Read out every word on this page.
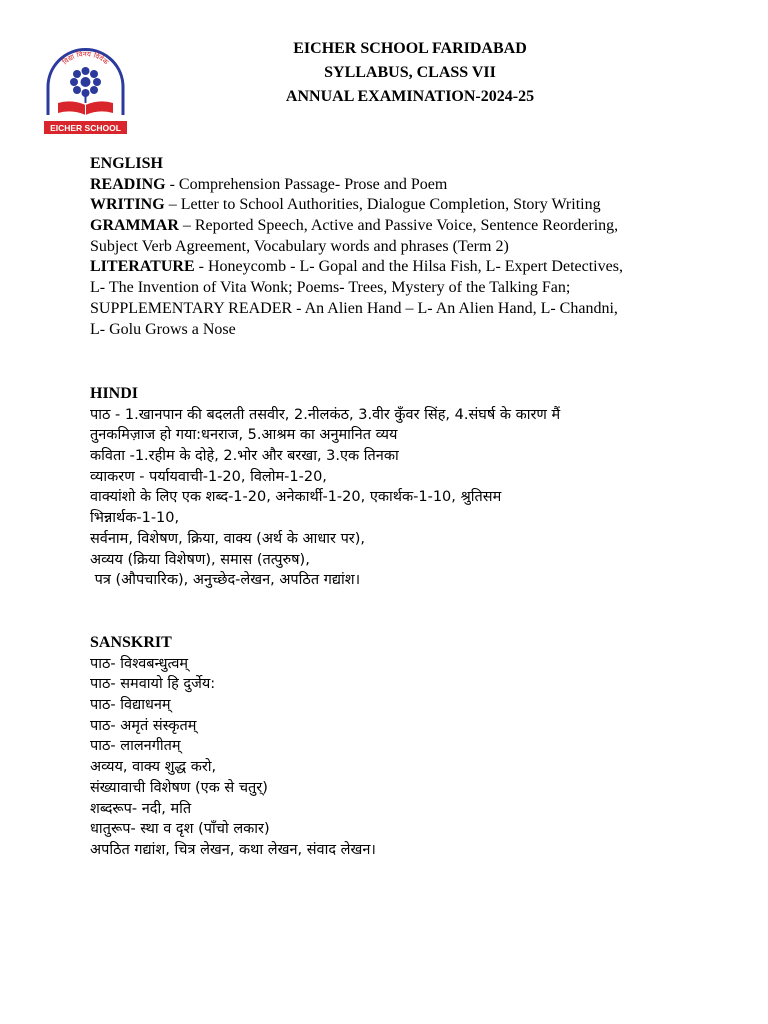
विद्या विनय विवेक
EICHER SCHOOL
EICHER SCHOOL FARIDABAD
SYLLABUS, CLASS VII
ANNUAL EXAMINATION-2024-25
ENGLISH
READING - Comprehension Passage- Prose and Poem
WRITING – Letter to School Authorities, Dialogue Completion, Story Writing
GRAMMAR – Reported Speech, Active and Passive Voice, Sentence Reordering,
Subject Verb Agreement, Vocabulary words and phrases (Term 2)
LITERATURE - Honeycomb - L- Gopal and the Hilsa Fish, L- Expert Detectives,
L- The Invention of Vita Wonk; Poems- Trees, Mystery of the Talking Fan;
SUPPLEMENTARY READER - An Alien Hand – L- An Alien Hand, L- Chandni,
L- Golu Grows a Nose
HINDI
पाठ - 1.खानपान की बदलती तसवीर, 2.नीलकंठ, 3.वीर कुँवर सिंह, 4.संघर्ष के कारण मैं
तुनकमिज़ाज हो गया:धनराज, 5.आश्रम का अनुमानित व्यय
कविता -1.रहीम के दोहे, 2.भोर और बरखा, 3.एक तिनका
व्याकरण - पर्यायवाची-1-20, विलोम-1-20,
वाक्यांशो के लिए एक शब्द-1-20, अनेकार्थी-1-20, एकार्थक-1-10, श्रुतिसम
भिन्नार्थक-1-10,
सर्वनाम, विशेषण, क्रिया, वाक्य (अर्थ के आधार पर),
अव्यय (क्रिया विशेषण), समास (तत्पुरुष),
पत्र (औपचारिक), अनुच्छेद-लेखन, अपठित गद्यांश।
SANSKRIT
पाठ- विश्वबन्धुत्वम्
पाठ- समवायो हि दुर्जेय:
पाठ- विद्याधनम्
पाठ- अमृतं संस्कृतम्
पाठ- लालनगीतम्
अव्यय, वाक्य शुद्ध करो,
संख्यावाची विशेषण (एक से चतुर्)
शब्दरूप- नदी, मति
धातुरूप- स्था व दृश (पाँचो लकार)
अपठित गद्यांश, चित्र लेखन, कथा लेखन, संवाद लेखन।
